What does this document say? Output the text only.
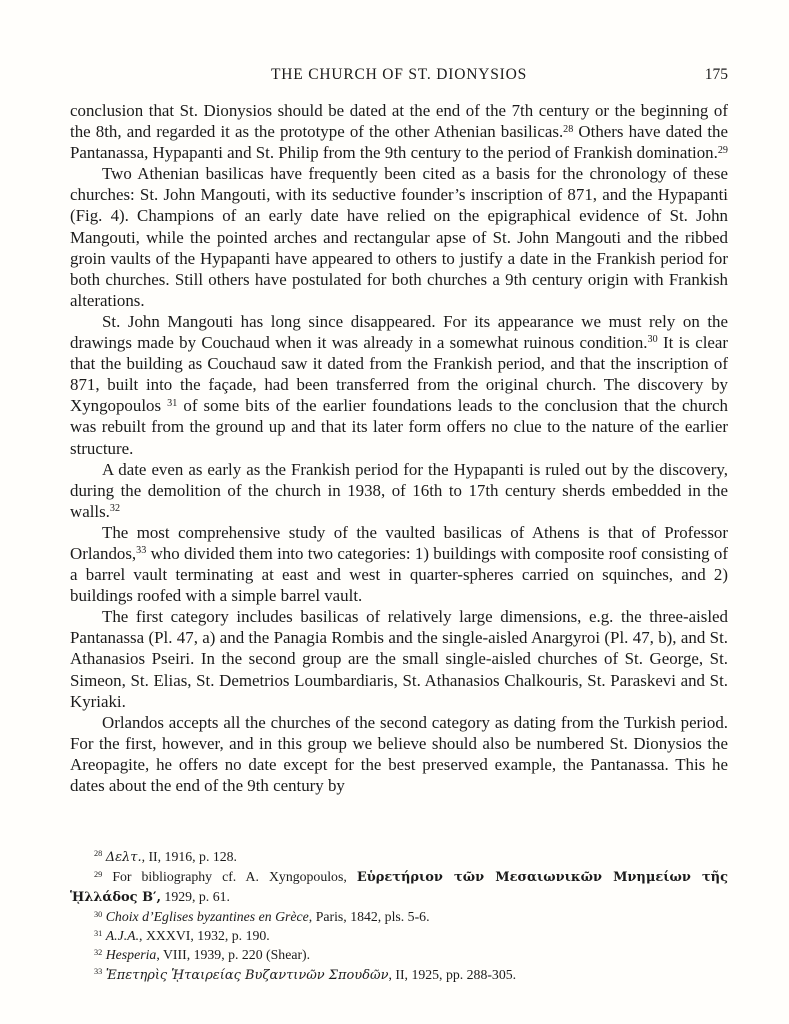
THE CHURCH OF ST. DIONYSIOS	175

conclusion that St. Dionysios should be dated at the end of the 7th century or the beginning of the 8th, and regarded it as the prototype of the other Athenian basilicas.$^{28}$ Others have dated the Pantanassa, Hypapanti and St. Philip from the 9th century to the period of Frankish domination.$^{29}$

Two Athenian basilicas have frequently been cited as a basis for the chronology of these churches: St. John Mangouti, with its seductive founder’s inscription of 871, and the Hypapanti (Fig. 4). Champions of an early date have relied on the epigraphical evidence of St. John Mangouti, while the pointed arches and rectangular apse of St. John Mangouti and the ribbed groin vaults of the Hypapanti have appeared to others to justify a date in the Frankish period for both churches. Still others have postulated for both churches a 9th century origin with Frankish alterations.

St. John Mangouti has long since disappeared. For its appearance we must rely on the drawings made by Couchaud when it was already in a somewhat ruinous condition.$^{30}$ It is clear that the building as Couchaud saw it dated from the Frankish period, and that the inscription of 871, built into the façade, had been transferred from the original church. The discovery by Xyngopoulos $^{31}$ of some bits of the earlier foundations leads to the conclusion that the church was rebuilt from the ground up and that its later form offers no clue to the nature of the earlier structure.

A date even as early as the Frankish period for the Hypapanti is ruled out by the discovery, during the demolition of the church in 1938, of 16th to 17th century sherds embedded in the walls.$^{32}$

The most comprehensive study of the vaulted basilicas of Athens is that of Professor Orlandos,$^{33}$ who divided them into two categories: 1) buildings with composite roof consisting of a barrel vault terminating at east and west in quarter-spheres carried on squinches, and 2) buildings roofed with a simple barrel vault.

The first category includes basilicas of relatively large dimensions, e.g. the three-aisled Pantanassa (Pl. 47, a) and the Panagia Rombis and the single-aisled Anargyroi (Pl. 47, b), and St. Athanasios Pseiri. In the second group are the small single-aisled churches of St. George, St. Simeon, St. Elias, St. Demetrios Loumbardiaris, St. Athanasios Chalkouris, St. Paraskevi and St. Kyriaki.

Orlandos accepts all the churches of the second category as dating from the Turkish period. For the first, however, and in this group we believe should also be numbered St. Dionysios the Areopagite, he offers no date except for the best preserved example, the Pantanassa. This he dates about the end of the 9th century by

$^{28}$ Δελτ., II, 1916, p. 128.

$^{29}$ For bibliography cf. A. Xyngopoulos, Εὑρετήριον τῶν Μεσαιωνικῶν Μνημείων τῆς ᾙλλάδος Β′, 1929, p. 61.

$^{30}$ Choix d’Eglises byzantines en Grèce, Paris, 1842, pls. 5-6.

$^{31}$ A.J.A., XXXVI, 1932, p. 190.

$^{32}$ Hesperia, VIII, 1939, p. 220 (Shear).

$^{33}$ Ἐπετηρὶς ᾙταιρείας Βυζαντινῶν Σπουδῶν, II, 1925, pp. 288-305.
